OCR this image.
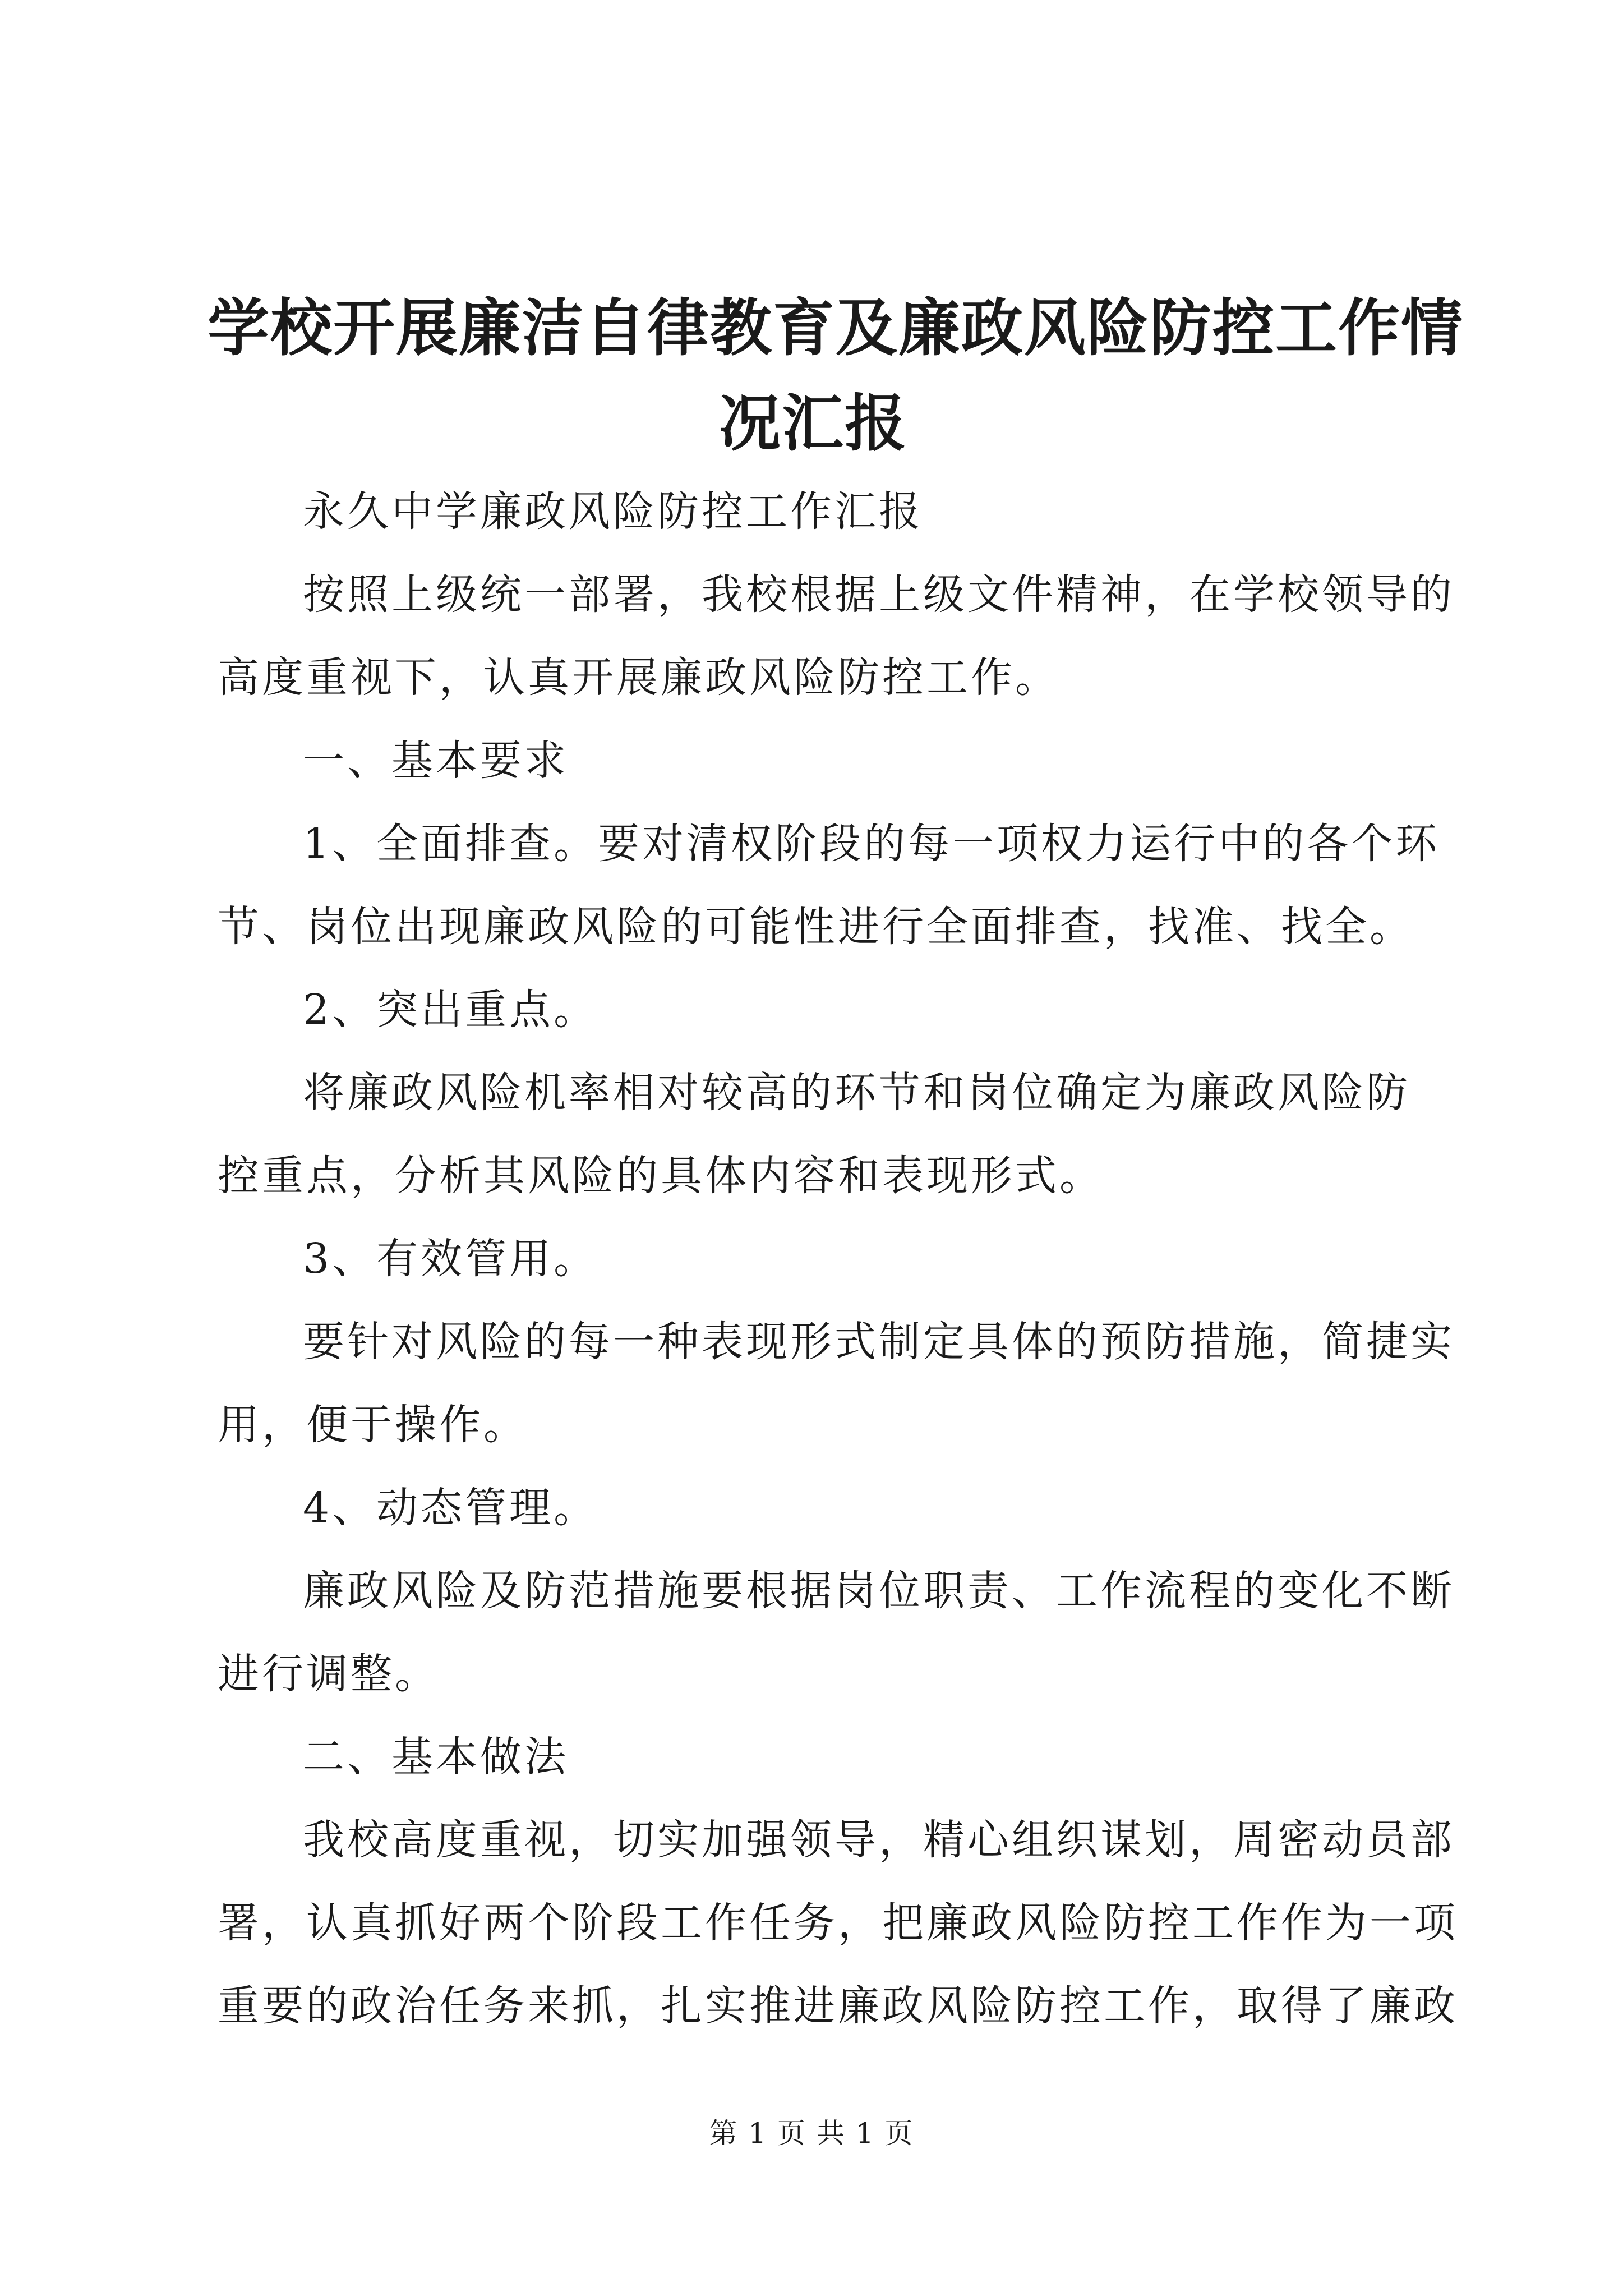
学校开展廉洁自律教育及廉政风险防控工作情
况汇报

永久中学廉政风险防控工作汇报

按照上级统一部署，我校根据上级文件精神，在学校领导的

高度重视下，认真开展廉政风险防控工作。

一、基本要求

1、全面排查。要对清权阶段的每一项权力运行中的各个环

节、岗位出现廉政风险的可能性进行全面排查，找准、找全。

2、突出重点。

将廉政风险机率相对较高的环节和岗位确定为廉政风险防

控重点，分析其风险的具体内容和表现形式。

3、有效管用。

要针对风险的每一种表现形式制定具体的预防措施，简捷实

用，便于操作。

4、动态管理。

廉政风险及防范措施要根据岗位职责、工作流程的变化不断

进行调整。

二、基本做法

我校高度重视，切实加强领导，精心组织谋划，周密动员部

署，认真抓好两个阶段工作任务，把廉政风险防控工作作为一项

重要的政治任务来抓，扎实推进廉政风险防控工作，取得了廉政

第 1 页 共 1 页
